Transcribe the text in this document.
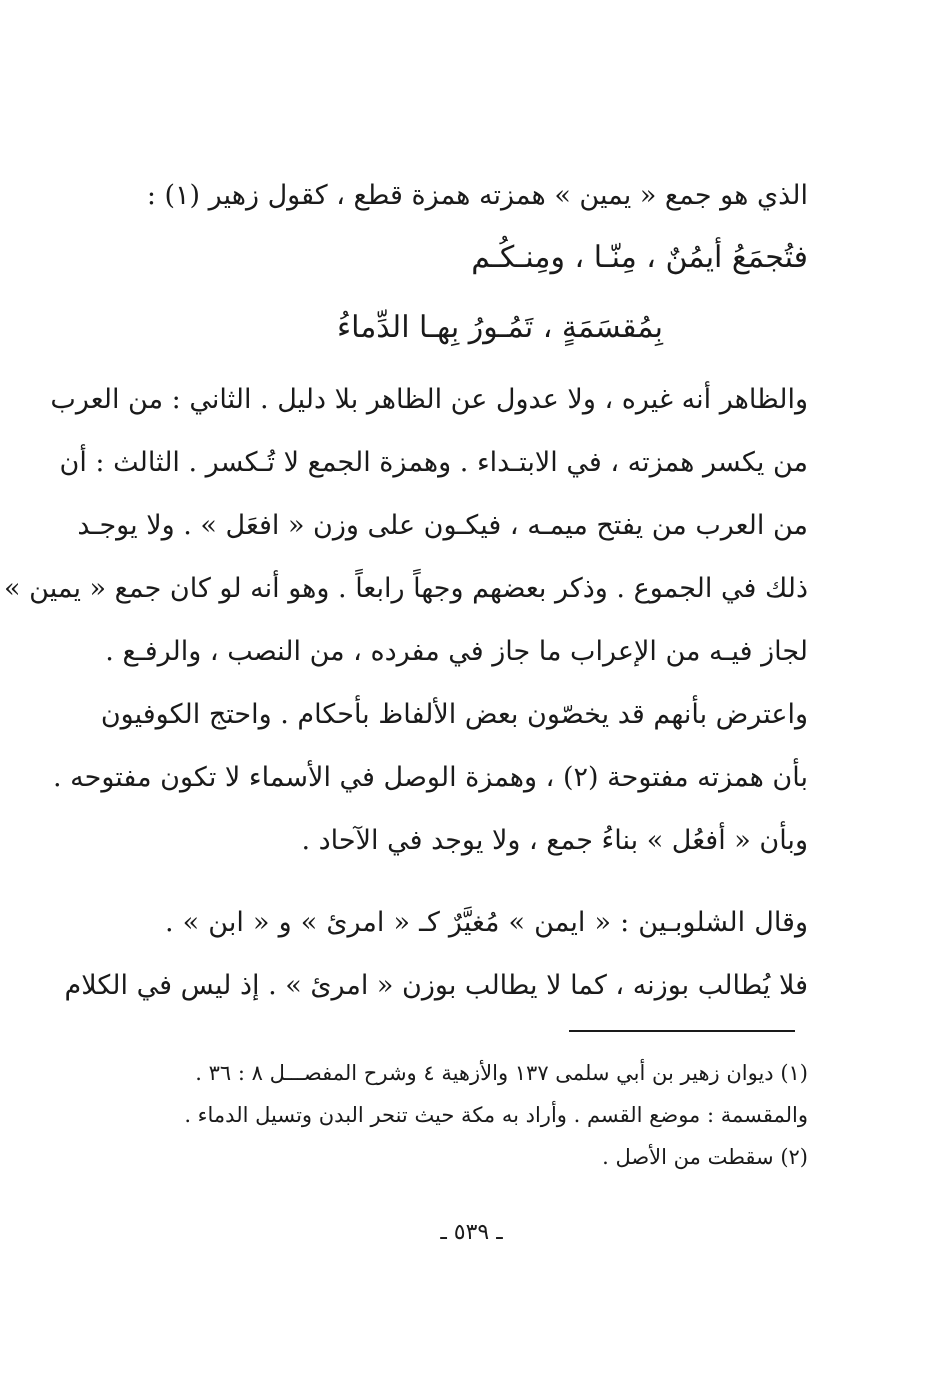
الذي هو جمع « يمين » همزته همزة قطع ، كقول زهير (١) :
فتُجمَعُ أيمُنٌ ، مِنّـا ، ومِنـكُـم
بِمُقسَمَةٍ ، تَمُـورُ بِهـا الدِّماءُ
والظاهر أنه غيره ، ولا عدول عن الظاهر بلا دليل . الثاني : من العرب
من يكسر همزته ، في الابتـداء . وهمزة الجمع لا تُـكسر . الثالث : أن
من العرب من يفتح ميمـه ، فيكـون على وزن « افعَل » . ولا يوجـد
ذلك في الجموع . وذكر بعضهم وجهاً رابعاً . وهو أنه لو كان جمع « يمين »
لجاز فيـه من الإعراب ما جاز في مفرده ، من النصب ، والرفـع .
واعترض بأنهم قد يخصّون بعض الألفاظ بأحكام . واحتج الكوفيون
بأن همزته مفتوحة (٢) ، وهمزة الوصل في الأسماء لا تكون مفتوحه .
وبأن « أفعُل » بناءُ جمع ، ولا يوجد في الآحاد .
وقال الشلوبـين : « ايمن » مُغيَّرٌ كـ « امرئ » و « ابن » .
فلا يُطالب بوزنه ، كما لا يطالب بوزن « امرئ » . إذ ليس في الكلام
(١) ديوان زهير بن أبي سلمى ١٣٧ والأزهية ٤ وشرح المفصـــل ٨ : ٣٦ .
والمقسمة : موضع القسم . وأراد به مكة حيث تنحر البدن وتسيل الدماء .
(٢) سقطت من الأصل .
ـ ٥٣٩ ـ
